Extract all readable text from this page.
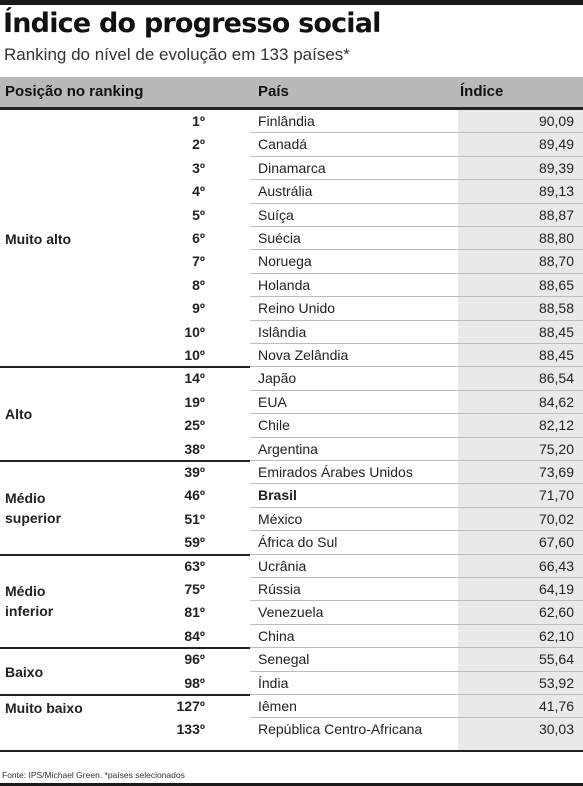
Índice do progresso social
Ranking do nível de evolução em 133 países*
Posição no ranking	País	Índice
Muito alto
1º	Finlândia	90,09
2º	Canadá	89,49
3º	Dinamarca	89,39
4º	Austrália	89,13
5º	Suíça	88,87
6º	Suécia	88,80
7º	Noruega	88,70
8º	Holanda	88,65
9º	Reino Unido	88,58
10º	Islândia	88,45
10º	Nova Zelândia	88,45
Alto
14º	Japão	86,54
19º	EUA	84,62
25º	Chile	82,12
38º	Argentina	75,20
Médio superior
39º	Emirados Árabes Unidos	73,69
46º	Brasil	71,70
51º	México	70,02
59º	África do Sul	67,60
Médio inferior
63º	Ucrânia	66,43
75º	Rússia	64,19
81º	Venezuela	62,60
84º	China	62,10
Baixo
96º	Senegal	55,64
98º	Índia	53,92
Muito baixo	127º	Iêmen	41,76
133º	República Centro-Africana	30,03
Fonte: IPS/Michael Green. *países selecionados
